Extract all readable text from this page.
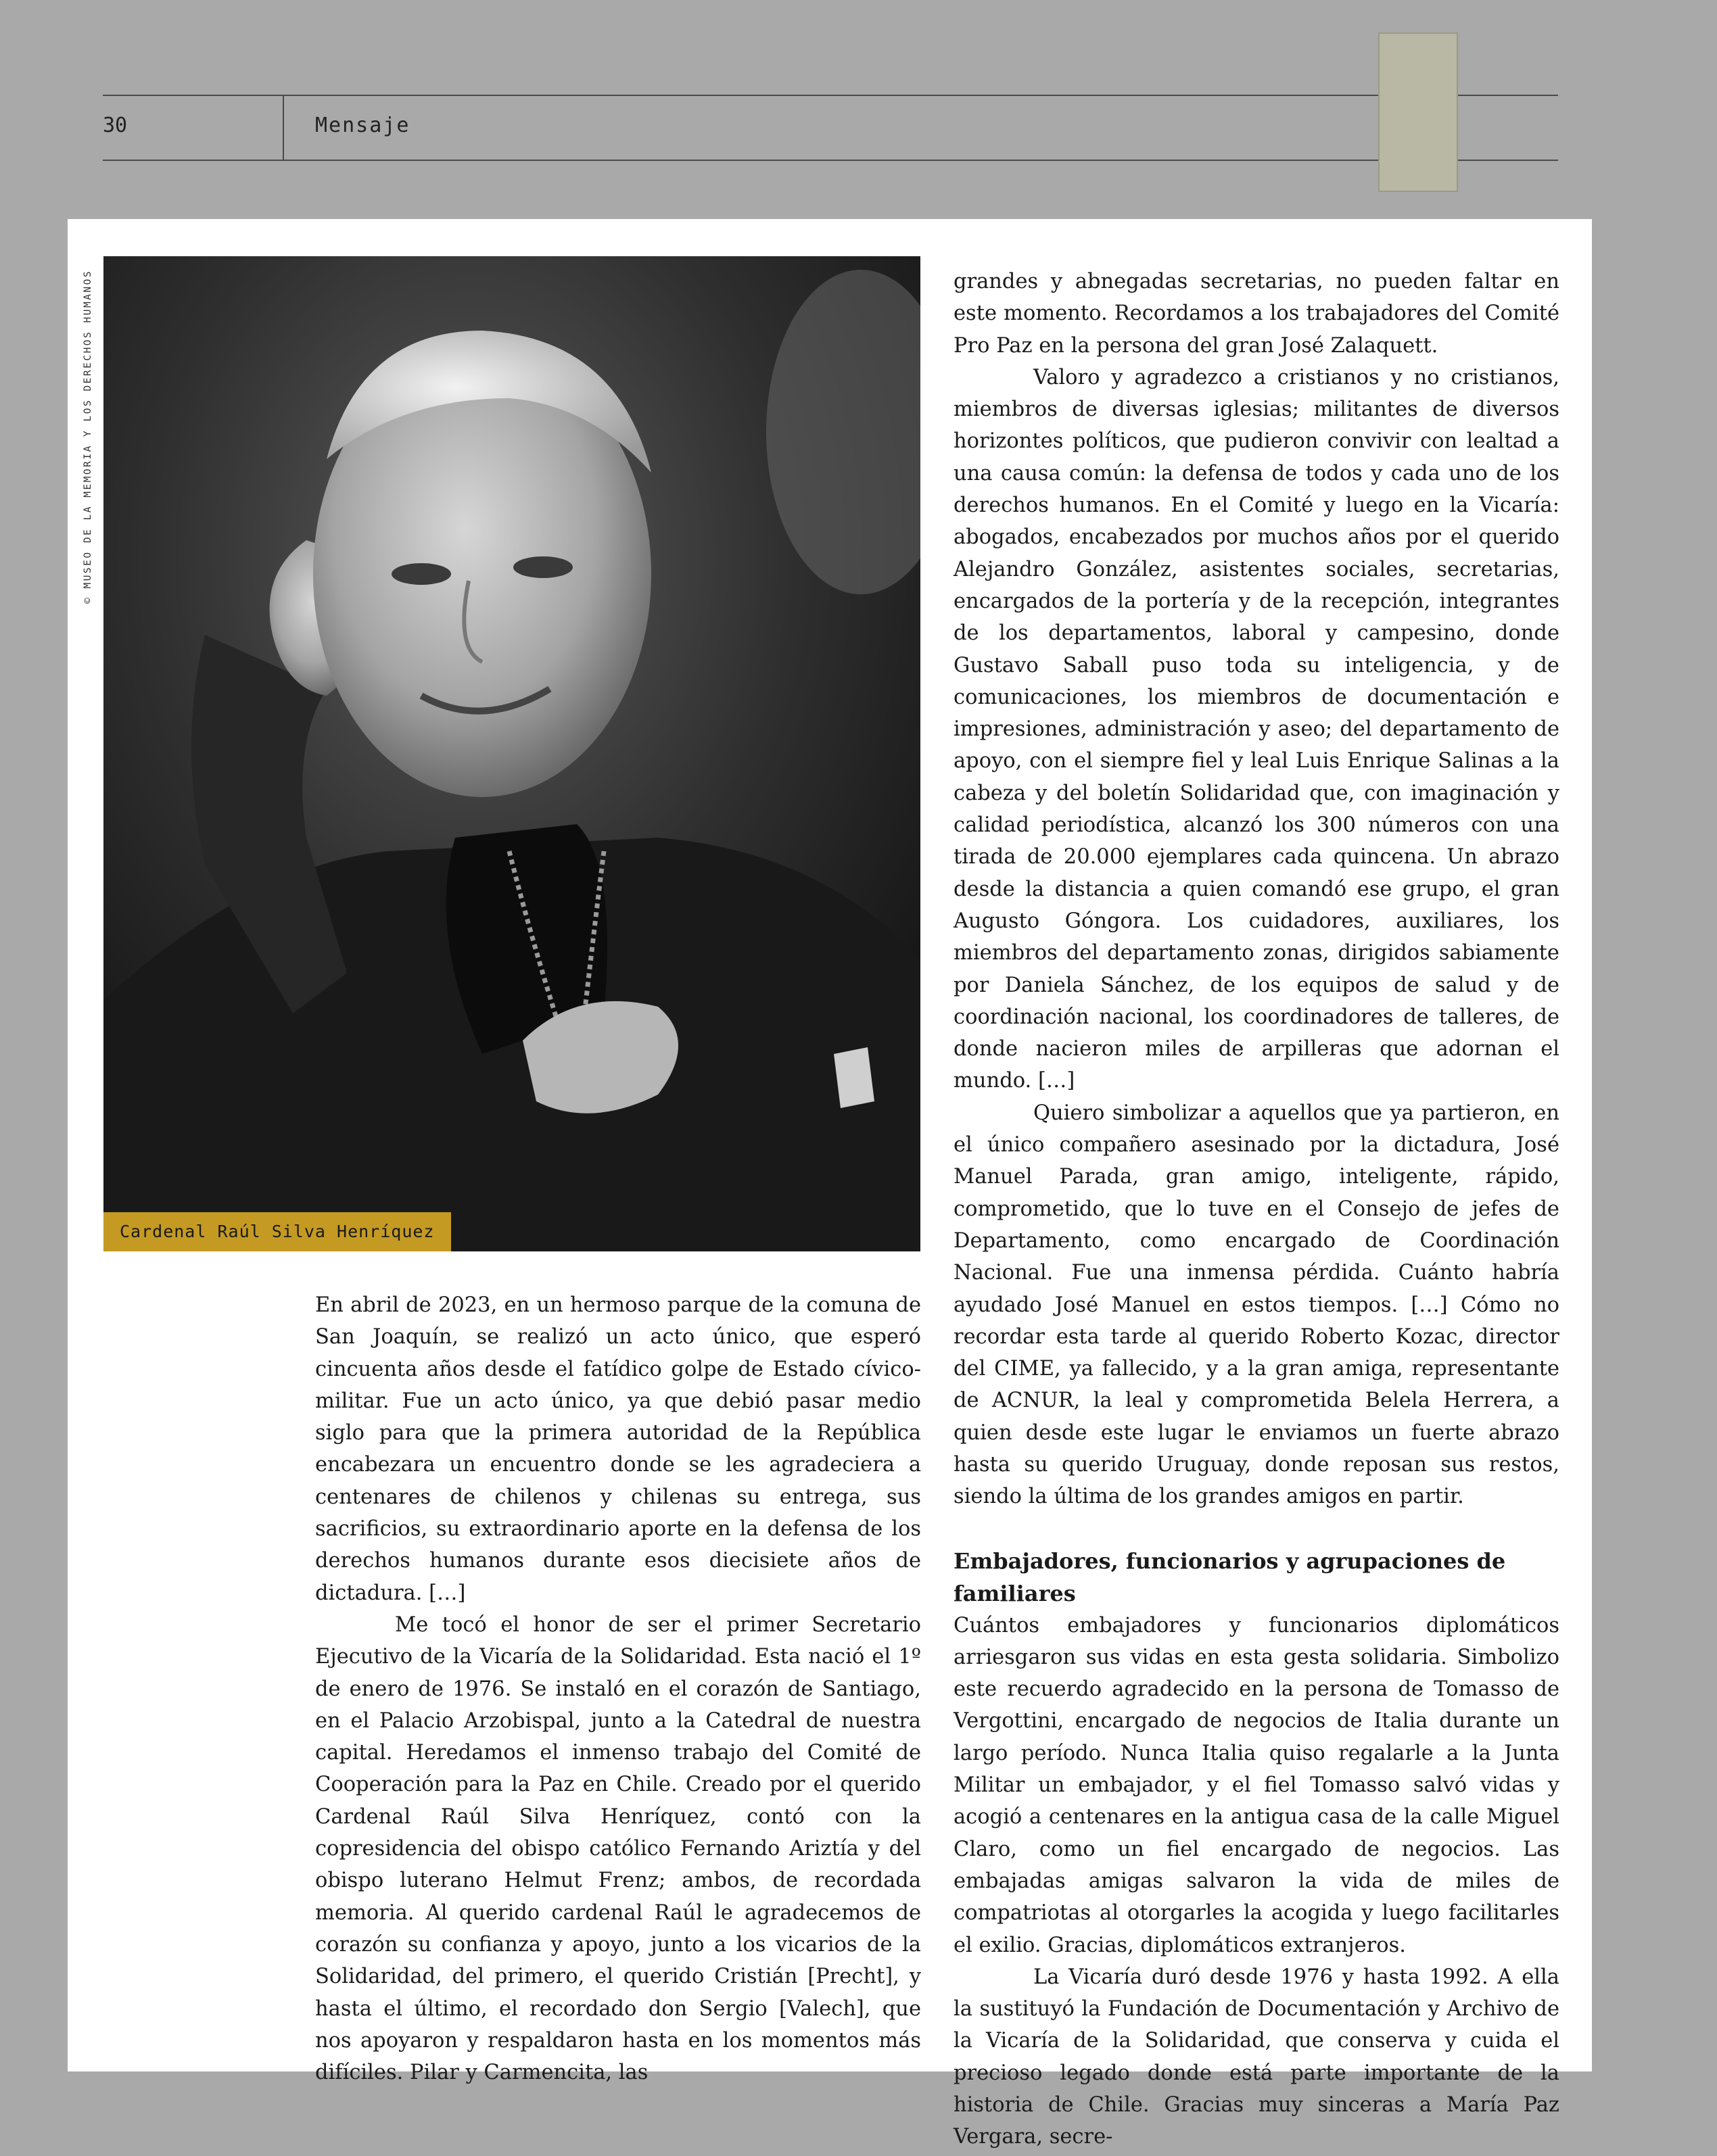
30	Mensaje
© MUSEO DE LA MEMORIA Y LOS DERECHOS HUMANOS
Cardenal Raúl Silva Henríquez

En abril de 2023, en un hermoso parque de la comuna de San Joaquín, se realizó un acto único, que esperó cincuenta años desde el fatídico golpe de Estado cívico-militar. Fue un acto único, ya que debió pasar medio siglo para que la primera autoridad de la República encabezara un encuentro donde se les agradeciera a centenares de chilenos y chilenas su entrega, sus sacrificios, su extraordinario aporte en la defensa de los derechos humanos durante esos diecisiete años de dictadura. […]

Me tocó el honor de ser el primer Secretario Ejecutivo de la Vicaría de la Solidaridad. Esta nació el 1º de enero de 1976. Se instaló en el corazón de Santiago, en el Palacio Arzobispal, junto a la Catedral de nuestra capital. Heredamos el inmenso trabajo del Comité de Cooperación para la Paz en Chile. Creado por el querido Cardenal Raúl Silva Henríquez, contó con la copresidencia del obispo católico Fernando Ariztía y del obispo luterano Helmut Frenz; ambos, de recordada memoria. Al querido cardenal Raúl le agradecemos de corazón su confianza y apoyo, junto a los vicarios de la Solidaridad, del primero, el querido Cristián [Precht], y hasta el último, el recordado don Sergio [Valech], que nos apoyaron y respaldaron hasta en los momentos más difíciles. Pilar y Carmencita, las

grandes y abnegadas secretarias, no pueden faltar en este momento. Recordamos a los trabajadores del Comité Pro Paz en la persona del gran José Zalaquett.

Valoro y agradezco a cristianos y no cristianos, miembros de diversas iglesias; militantes de diversos horizontes políticos, que pudieron convivir con lealtad a una causa común: la defensa de todos y cada uno de los derechos humanos. En el Comité y luego en la Vicaría: abogados, encabezados por muchos años por el querido Alejandro González, asistentes sociales, secretarias, encargados de la portería y de la recepción, integrantes de los departamentos, laboral y campesino, donde Gustavo Saball puso toda su inteligencia, y de comunicaciones, los miembros de documentación e impresiones, administración y aseo; del departamento de apoyo, con el siempre fiel y leal Luis Enrique Salinas a la cabeza y del boletín Solidaridad que, con imaginación y calidad periodística, alcanzó los 300 números con una tirada de 20.000 ejemplares cada quincena. Un abrazo desde la distancia a quien comandó ese grupo, el gran Augusto Góngora. Los cuidadores, auxiliares, los miembros del departamento zonas, dirigidos sabiamente por Daniela Sánchez, de los equipos de salud y de coordinación nacional, los coordinadores de talleres, de donde nacieron miles de arpilleras que adornan el mundo. […]

Quiero simbolizar a aquellos que ya partieron, en el único compañero asesinado por la dictadura, José Manuel Parada, gran amigo, inteligente, rápido, comprometido, que lo tuve en el Consejo de jefes de Departamento, como encargado de Coordinación Nacional. Fue una inmensa pérdida. Cuánto habría ayudado José Manuel en estos tiempos. […] Cómo no recordar esta tarde al querido Roberto Kozac, director del CIME, ya fallecido, y a la gran amiga, representante de ACNUR, la leal y comprometida Belela Herrera, a quien desde este lugar le enviamos un fuerte abrazo hasta su querido Uruguay, donde reposan sus restos, siendo la última de los grandes amigos en partir.

Embajadores, funcionarios y agrupaciones de familiares

Cuántos embajadores y funcionarios diplomáticos arriesgaron sus vidas en esta gesta solidaria. Simbolizo este recuerdo agradecido en la persona de Tomasso de Vergottini, encargado de negocios de Italia durante un largo período. Nunca Italia quiso regalarle a la Junta Militar un embajador, y el fiel Tomasso salvó vidas y acogió a centenares en la antigua casa de la calle Miguel Claro, como un fiel encargado de negocios. Las embajadas amigas salvaron la vida de miles de compatriotas al otorgarles la acogida y luego facilitarles el exilio. Gracias, diplomáticos extranjeros.

La Vicaría duró desde 1976 y hasta 1992. A ella la sustituyó la Fundación de Documentación y Archivo de la Vicaría de la Solidaridad, que conserva y cuida el precioso legado donde está parte importante de la historia de Chile. Gracias muy sinceras a María Paz Vergara, secre-
